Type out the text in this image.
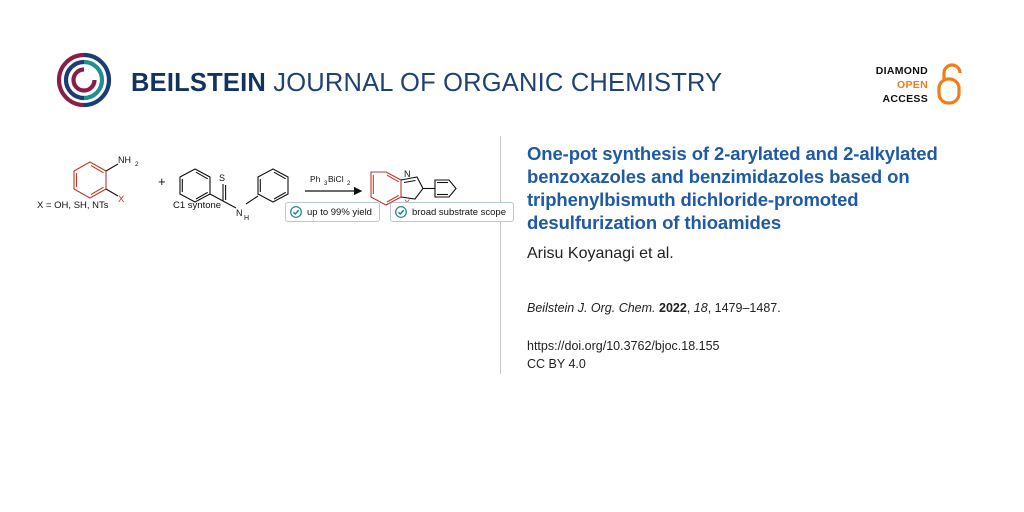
BEILSTEIN JOURNAL OF ORGANIC CHEMISTRY	DIAMOND
OPEN
ACCESS
NH 2
X
+	S
N
H
Ph 3 BiCl 2
N
X = OH, SH, NTs	C1 syntone
up to 99% yield	broad substrate scope
One-pot synthesis of 2-arylated and 2-alkylated benzoxazoles and benzimidazoles based on triphenylbismuth dichloride-promoted desulfurization of thioamides
Arisu Koyanagi et al.
Beilstein J. Org. Chem. 2022, 18, 1479–1487.
https://doi.org/10.3762/bjoc.18.155
CC BY 4.0
